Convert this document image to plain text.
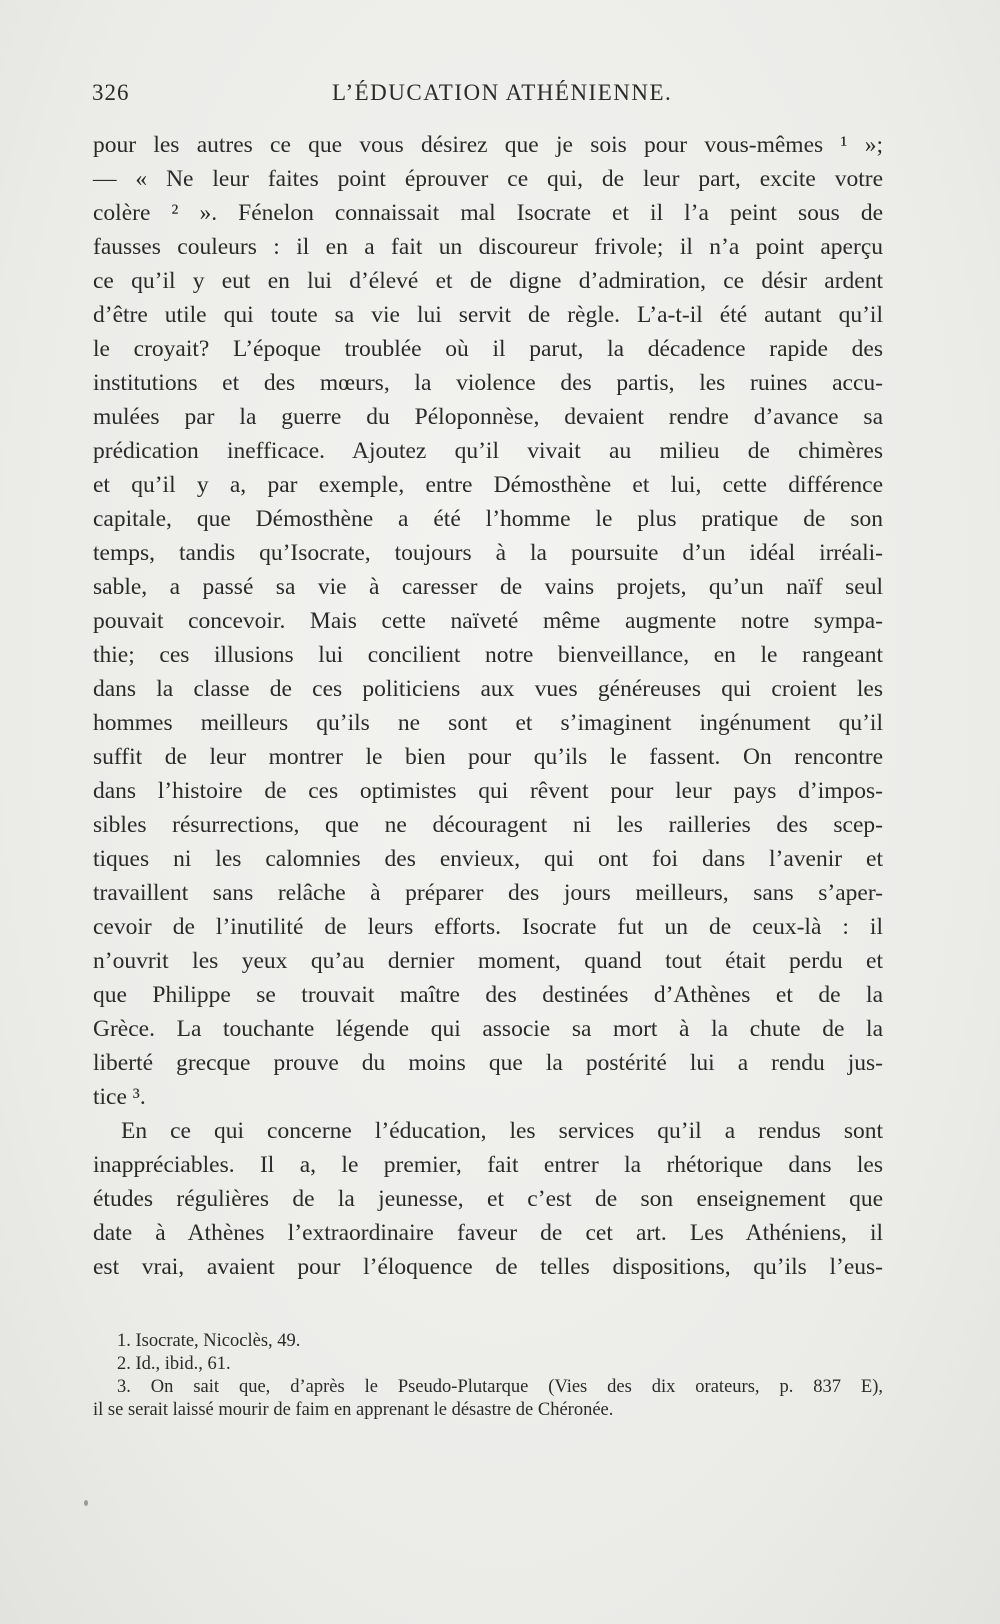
326	L’ÉDUCATION ATHÉNIENNE.
pour les autres ce que vous désirez que je sois pour vous-mêmes ¹ »;
— « Ne leur faites point éprouver ce qui, de leur part, excite votre
colère ² ». Fénelon connaissait mal Isocrate et il l’a peint sous de
fausses couleurs : il en a fait un discoureur frivole; il n’a point aperçu
ce qu’il y eut en lui d’élevé et de digne d’admiration, ce désir ardent
d’être utile qui toute sa vie lui servit de règle. L’a-t-il été autant qu’il
le croyait? L’époque troublée où il parut, la décadence rapide des
institutions et des mœurs, la violence des partis, les ruines accu-
mulées par la guerre du Péloponnèse, devaient rendre d’avance sa
prédication inefficace. Ajoutez qu’il vivait au milieu de chimères
et qu’il y a, par exemple, entre Démosthène et lui, cette différence
capitale, que Démosthène a été l’homme le plus pratique de son
temps, tandis qu’Isocrate, toujours à la poursuite d’un idéal irréali-
sable, a passé sa vie à caresser de vains projets, qu’un naïf seul
pouvait concevoir. Mais cette naïveté même augmente notre sympa-
thie; ces illusions lui concilient notre bienveillance, en le rangeant
dans la classe de ces politiciens aux vues généreuses qui croient les
hommes meilleurs qu’ils ne sont et s’imaginent ingénument qu’il
suffit de leur montrer le bien pour qu’ils le fassent. On rencontre
dans l’histoire de ces optimistes qui rêvent pour leur pays d’impos-
sibles résurrections, que ne découragent ni les railleries des scep-
tiques ni les calomnies des envieux, qui ont foi dans l’avenir et
travaillent sans relâche à préparer des jours meilleurs, sans s’aper-
cevoir de l’inutilité de leurs efforts. Isocrate fut un de ceux-là : il
n’ouvrit les yeux qu’au dernier moment, quand tout était perdu et
que Philippe se trouvait maître des destinées d’Athènes et de la
Grèce. La touchante légende qui associe sa mort à la chute de la
liberté grecque prouve du moins que la postérité lui a rendu jus-
tice ³.
En ce qui concerne l’éducation, les services qu’il a rendus sont
inappréciables. Il a, le premier, fait entrer la rhétorique dans les
études régulières de la jeunesse, et c’est de son enseignement que
date à Athènes l’extraordinaire faveur de cet art. Les Athéniens, il
est vrai, avaient pour l’éloquence de telles dispositions, qu’ils l’eus-
1. Isocrate, Nicoclès, 49.
2. Id., ibid., 61.
3. On sait que, d’après le Pseudo-Plutarque (Vies des dix orateurs, p. 837 E),
il se serait laissé mourir de faim en apprenant le désastre de Chéronée.
